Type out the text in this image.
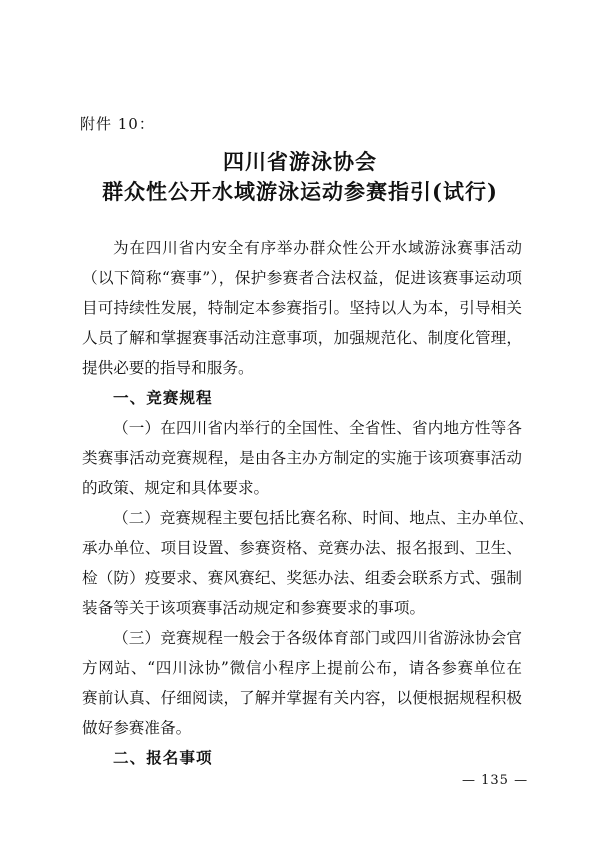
附件 10：
四川省游泳协会
群众性公开水域游泳运动参赛指引(试行)
为在四川省内安全有序举办群众性公开水域游泳赛事活动
（以下简称“赛事”），保护参赛者合法权益，促进该赛事运动项
目可持续性发展，特制定本参赛指引。坚持以人为本，引导相关
人员了解和掌握赛事活动注意事项，加强规范化、制度化管理，
提供必要的指导和服务。
一、竞赛规程
（一）在四川省内举行的全国性、全省性、省内地方性等各
类赛事活动竞赛规程，是由各主办方制定的实施于该项赛事活动
的政策、规定和具体要求。
（二）竞赛规程主要包括比赛名称、时间、地点、主办单位、
承办单位、项目设置、参赛资格、竞赛办法、报名报到、卫生、
检（防）疫要求、赛风赛纪、奖惩办法、组委会联系方式、强制
装备等关于该项赛事活动规定和参赛要求的事项。
（三）竞赛规程一般会于各级体育部门或四川省游泳协会官
方网站、“四川泳协”微信小程序上提前公布，请各参赛单位在
赛前认真、仔细阅读，了解并掌握有关内容，以便根据规程积极
做好参赛准备。
二、报名事项
— 135 —
